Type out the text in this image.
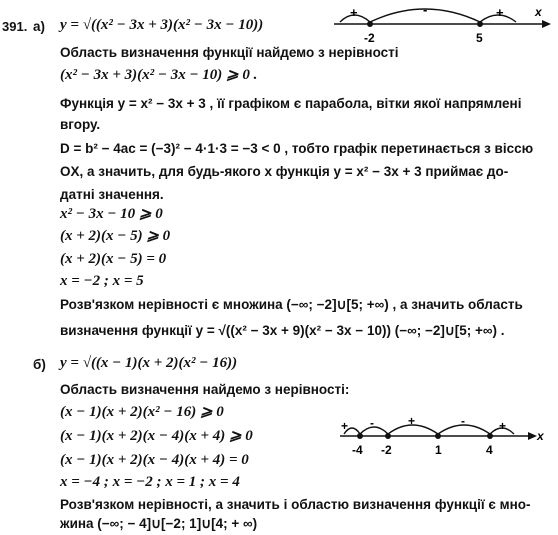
391. а) y = √((x² − 3x + 3)(x² − 3x − 10))
+	-	+
-2	5
x
Область визначення функції найдемо з нерівності
(x² − 3x + 3)(x² − 3x − 10) ⩾ 0 .
Функція y = x² − 3x + 3 , її графіком є парабола, вітки якої напрямлені
вгору.
D = b² − 4ac = (−3)² − 4·1·3 = −3 < 0 , тобто графік перетинається з віссю
OX, а значить, для будь-якого x функція y = x² − 3x + 3 приймає до-
датні значення.
x² − 3x − 10 ⩾ 0
(x + 2)(x − 5) ⩾ 0
(x + 2)(x − 5) = 0
x = −2 ; x = 5
Розв'язком нерівності є множина (−∞; −2]∪[5; +∞) , а значить область
визначення функції y = √((x² − 3x + 9)(x² − 3x − 10)) (−∞; −2]∪[5; +∞) .
б) y = √((x − 1)(x + 2)(x² − 16))
Область визначення найдемо з нерівності:
(x − 1)(x + 2)(x² − 16) ⩾ 0
(x − 1)(x + 2)(x − 4)(x + 4) ⩾ 0
(x − 1)(x + 2)(x − 4)(x + 4) = 0
x = −4 ; x = −2 ; x = 1 ; x = 4
+ -	+	-	+
-4 -2	1	4
x
Розв'язком нерівності, а значить і областю визначення функції є мно-
жина (−∞; − 4]∪[−2; 1]∪[4; + ∞)
